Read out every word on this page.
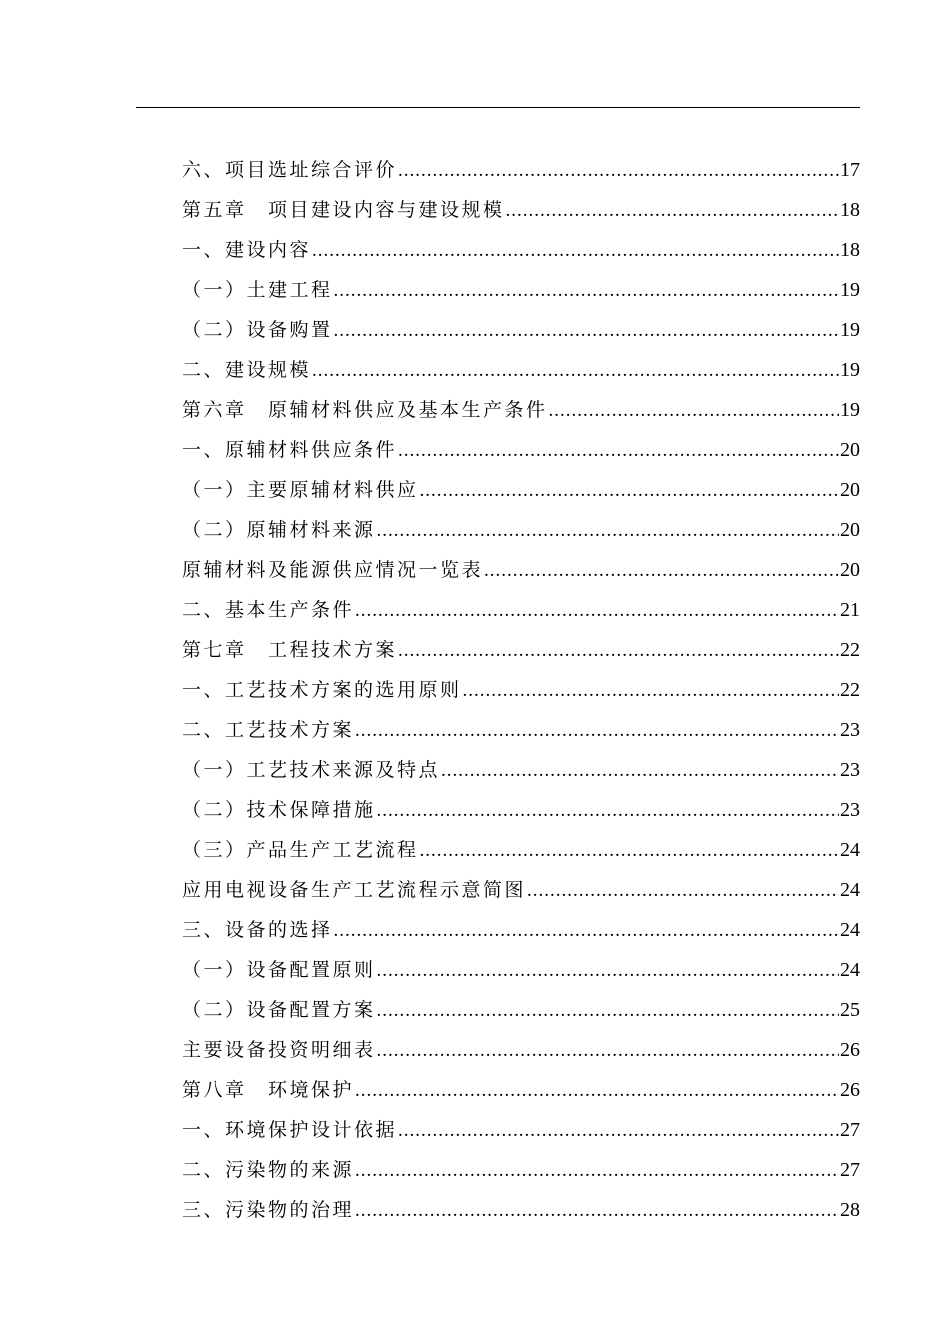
六、项目选址综合评价 .....	17
第五章　项目建设内容与建设规模 .....	18
一、建设内容 .....	18
（一）土建工程 .....	19
（二）设备购置 .....	19
二、建设规模 .....	19
第六章　原辅材料供应及基本生产条件 .....	19
一、原辅材料供应条件 .....	20
（一）主要原辅材料供应 .....	20
（二）原辅材料来源 .....	20
原辅材料及能源供应情况一览表 .....	20
二、基本生产条件 .....	21
第七章　工程技术方案 .....	22
一、工艺技术方案的选用原则 .....	22
二、工艺技术方案 .....	23
（一）工艺技术来源及特点 .....	23
（二）技术保障措施 .....	23
（三）产品生产工艺流程 .....	24
应用电视设备生产工艺流程示意简图 .....	24
三、设备的选择 .....	24
（一）设备配置原则 .....	24
（二）设备配置方案 .....	25
主要设备投资明细表 .....	26
第八章　环境保护 .....	26
一、环境保护设计依据 .....	27
二、污染物的来源 .....	27
三、污染物的治理 .....	28
